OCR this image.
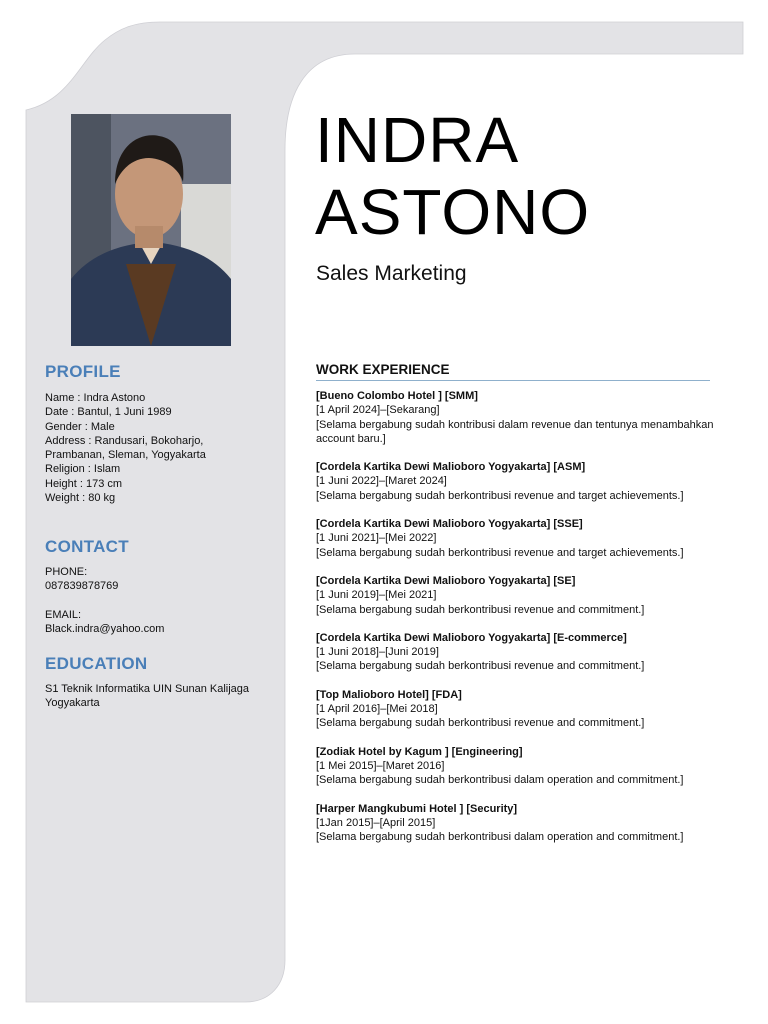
PROFILE
Name : Indra Astono
Date : Bantul, 1 Juni 1989
Gender : Male
Address : Randusari, Bokoharjo, Prambanan, Sleman, Yogyakarta
Religion : Islam
Height : 173 cm
Weight : 80 kg
CONTACT
PHONE:
087839878769
EMAIL:
Black.indra@yahoo.com
EDUCATION
S1 Teknik Informatika UIN Sunan Kalijaga Yogyakarta
INDRA
ASTONO
Sales Marketing
WORK EXPERIENCE
[Bueno Colombo Hotel ] [SMM]
[1 April 2024]–[Sekarang]
[Selama bergabung sudah kontribusi dalam revenue dan tentunya menambahkan account baru.]
[Cordela Kartika Dewi Malioboro Yogyakarta] [ASM]
[1 Juni 2022]–[Maret 2024]
[Selama bergabung sudah berkontribusi revenue and target achievements.]
[Cordela Kartika Dewi Malioboro Yogyakarta] [SSE]
[1 Juni 2021]–[Mei 2022]
[Selama bergabung sudah berkontribusi revenue and target achievements.]
[Cordela Kartika Dewi Malioboro Yogyakarta] [SE]
[1 Juni 2019]–[Mei 2021]
[Selama bergabung sudah berkontribusi revenue and commitment.]
[Cordela Kartika Dewi Malioboro Yogyakarta] [E-commerce]
[1 Juni 2018]–[Juni 2019]
[Selama bergabung sudah berkontribusi revenue and commitment.]
[Top Malioboro Hotel] [FDA]
[1 April 2016]–[Mei 2018]
[Selama bergabung sudah berkontribusi revenue and commitment.]
[Zodiak Hotel by Kagum ] [Engineering]
[1 Mei 2015]–[Maret 2016]
[Selama bergabung sudah berkontribusi dalam operation and commitment.]
[Harper Mangkubumi Hotel ] [Security]
[1Jan 2015]–[April 2015]
[Selama bergabung sudah berkontribusi dalam operation and commitment.]
